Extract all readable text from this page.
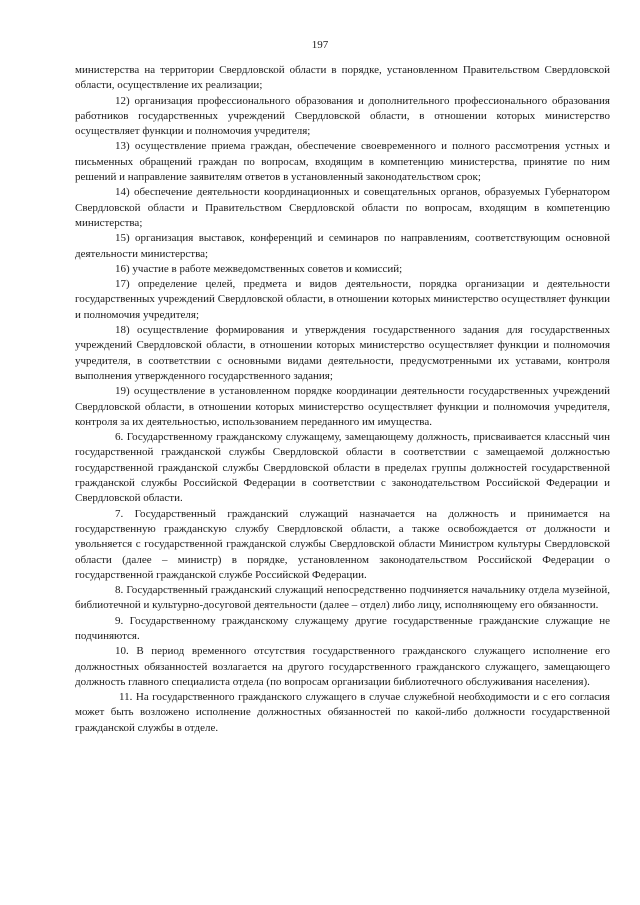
197

министерства на территории Свердловской области в порядке, установленном Правительством Свердловской области, осуществление их реализации;

12) организация профессионального образования и дополнительного профессионального образования работников государственных учреждений Свердловской области, в отношении которых министерство осуществляет функции и полномочия учредителя;

13) осуществление приема граждан, обеспечение своевременного и полного рассмотрения устных и письменных обращений граждан по вопросам, входящим в компетенцию министерства, принятие по ним решений и направление заявителям ответов в установленный законодательством срок;

14) обеспечение деятельности координационных и совещательных органов, образуемых Губернатором Свердловской области и Правительством Свердловской области по вопросам, входящим в компетенцию министерства;

15) организация выставок, конференций и семинаров по направлениям, соответствующим основной деятельности министерства;

16) участие в работе межведомственных советов и комиссий;

17) определение целей, предмета и видов деятельности, порядка организации и деятельности государственных учреждений Свердловской области, в отношении которых министерство осуществляет функции и полномочия учредителя;

18) осуществление формирования и утверждения государственного задания для государственных учреждений Свердловской области, в отношении которых министерство осуществляет функции и полномочия учредителя, в соответствии с основными видами деятельности, предусмотренными их уставами, контроля выполнения утвержденного государственного задания;

19) осуществление в установленном порядке координации деятельности государственных учреждений Свердловской области, в отношении которых министерство осуществляет функции и полномочия учредителя, контроля за их деятельностью, использованием переданного им имущества.

6. Государственному гражданскому служащему, замещающему должность, присваивается классный чин государственной гражданской службы Свердловской области в соответствии с замещаемой должностью государственной гражданской службы Свердловской области в пределах группы должностей государственной гражданской службы Российской Федерации в соответствии с законодательством Российской Федерации и Свердловской области.

7. Государственный гражданский служащий назначается на должность и принимается на государственную гражданскую службу Свердловской области, а также освобождается от должности и увольняется с государственной гражданской службы Свердловской области Министром культуры Свердловской области (далее – министр) в порядке, установленном законодательством Российской Федерации о государственной гражданской службе Российской Федерации.

8. Государственный гражданский служащий непосредственно подчиняется начальнику отдела музейной, библиотечной и культурно-досуговой деятельности (далее – отдел) либо лицу, исполняющему его обязанности.

9. Государственному гражданскому служащему другие государственные гражданские служащие не подчиняются.

10. В период временного отсутствия государственного гражданского служащего исполнение его должностных обязанностей возлагается на другого государственного гражданского служащего, замещающего должность главного специалиста отдела (по вопросам организации библиотечного обслуживания населения).

11. На государственного гражданского служащего в случае служебной необходимости и с его согласия может быть возложено исполнение должностных обязанностей по какой-либо должности государственной гражданской службы в отделе.
